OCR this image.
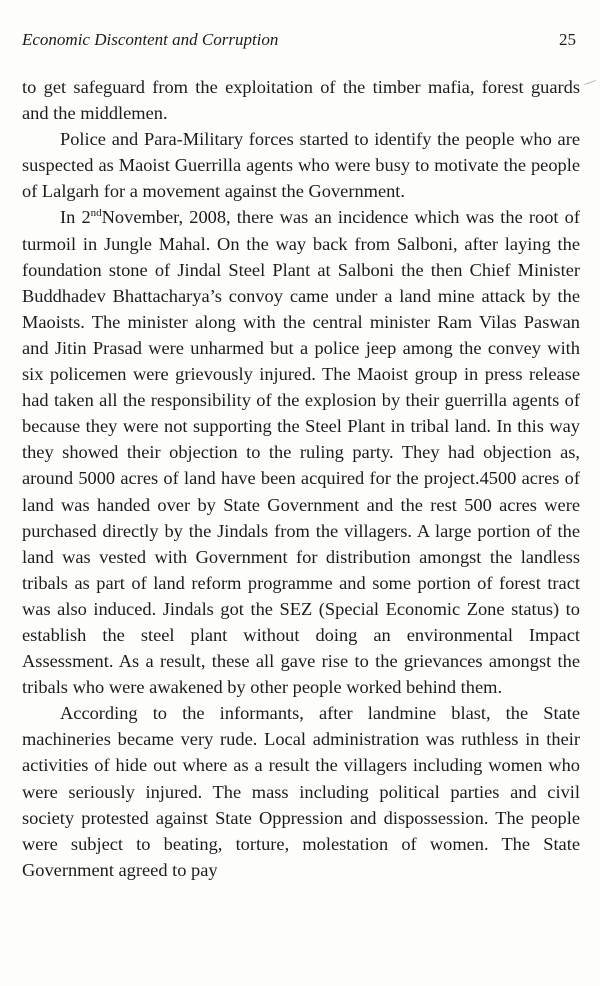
Economic Discontent and Corruption	25

to get safeguard from the exploitation of the timber mafia, forest guards and the middlemen.

Police and Para-Military forces started to identify the people who are suspected as Maoist Guerrilla agents who were busy to motivate the people of Lalgarh for a movement against the Government.

In 2ndNovember, 2008, there was an incidence which was the root of turmoil in Jungle Mahal. On the way back from Salboni, after laying the foundation stone of Jindal Steel Plant at Salboni the then Chief Minister Buddhadev Bhattacharya’s convoy came under a land mine attack by the Maoists. The minister along with the central minister Ram Vilas Paswan and Jitin Prasad were unharmed but a police jeep among the convey with six policemen were grievously injured. The Maoist group in press release had taken all the responsibility of the explosion by their guerrilla agents of because they were not supporting the Steel Plant in tribal land. In this way they showed their objection to the ruling party. They had objection as, around 5000 acres of land have been acquired for the project.4500 acres of land was handed over by State Government and the rest 500 acres were purchased directly by the Jindals from the villagers. A large portion of the land was vested with Government for distribution amongst the landless tribals as part of land reform programme and some portion of forest tract was also induced. Jindals got the SEZ (Special Economic Zone status) to establish the steel plant without doing an environmental Impact Assessment. As a result, these all gave rise to the grievances amongst the tribals who were awakened by other people worked behind them.

According to the informants, after landmine blast, the State machineries became very rude. Local administration was ruthless in their activities of hide out where as a result the villagers including women who were seriously injured. The mass including political parties and civil society protested against State Oppression and dispossession. The people were subject to beating, torture, molestation of women. The State Government agreed to pay
